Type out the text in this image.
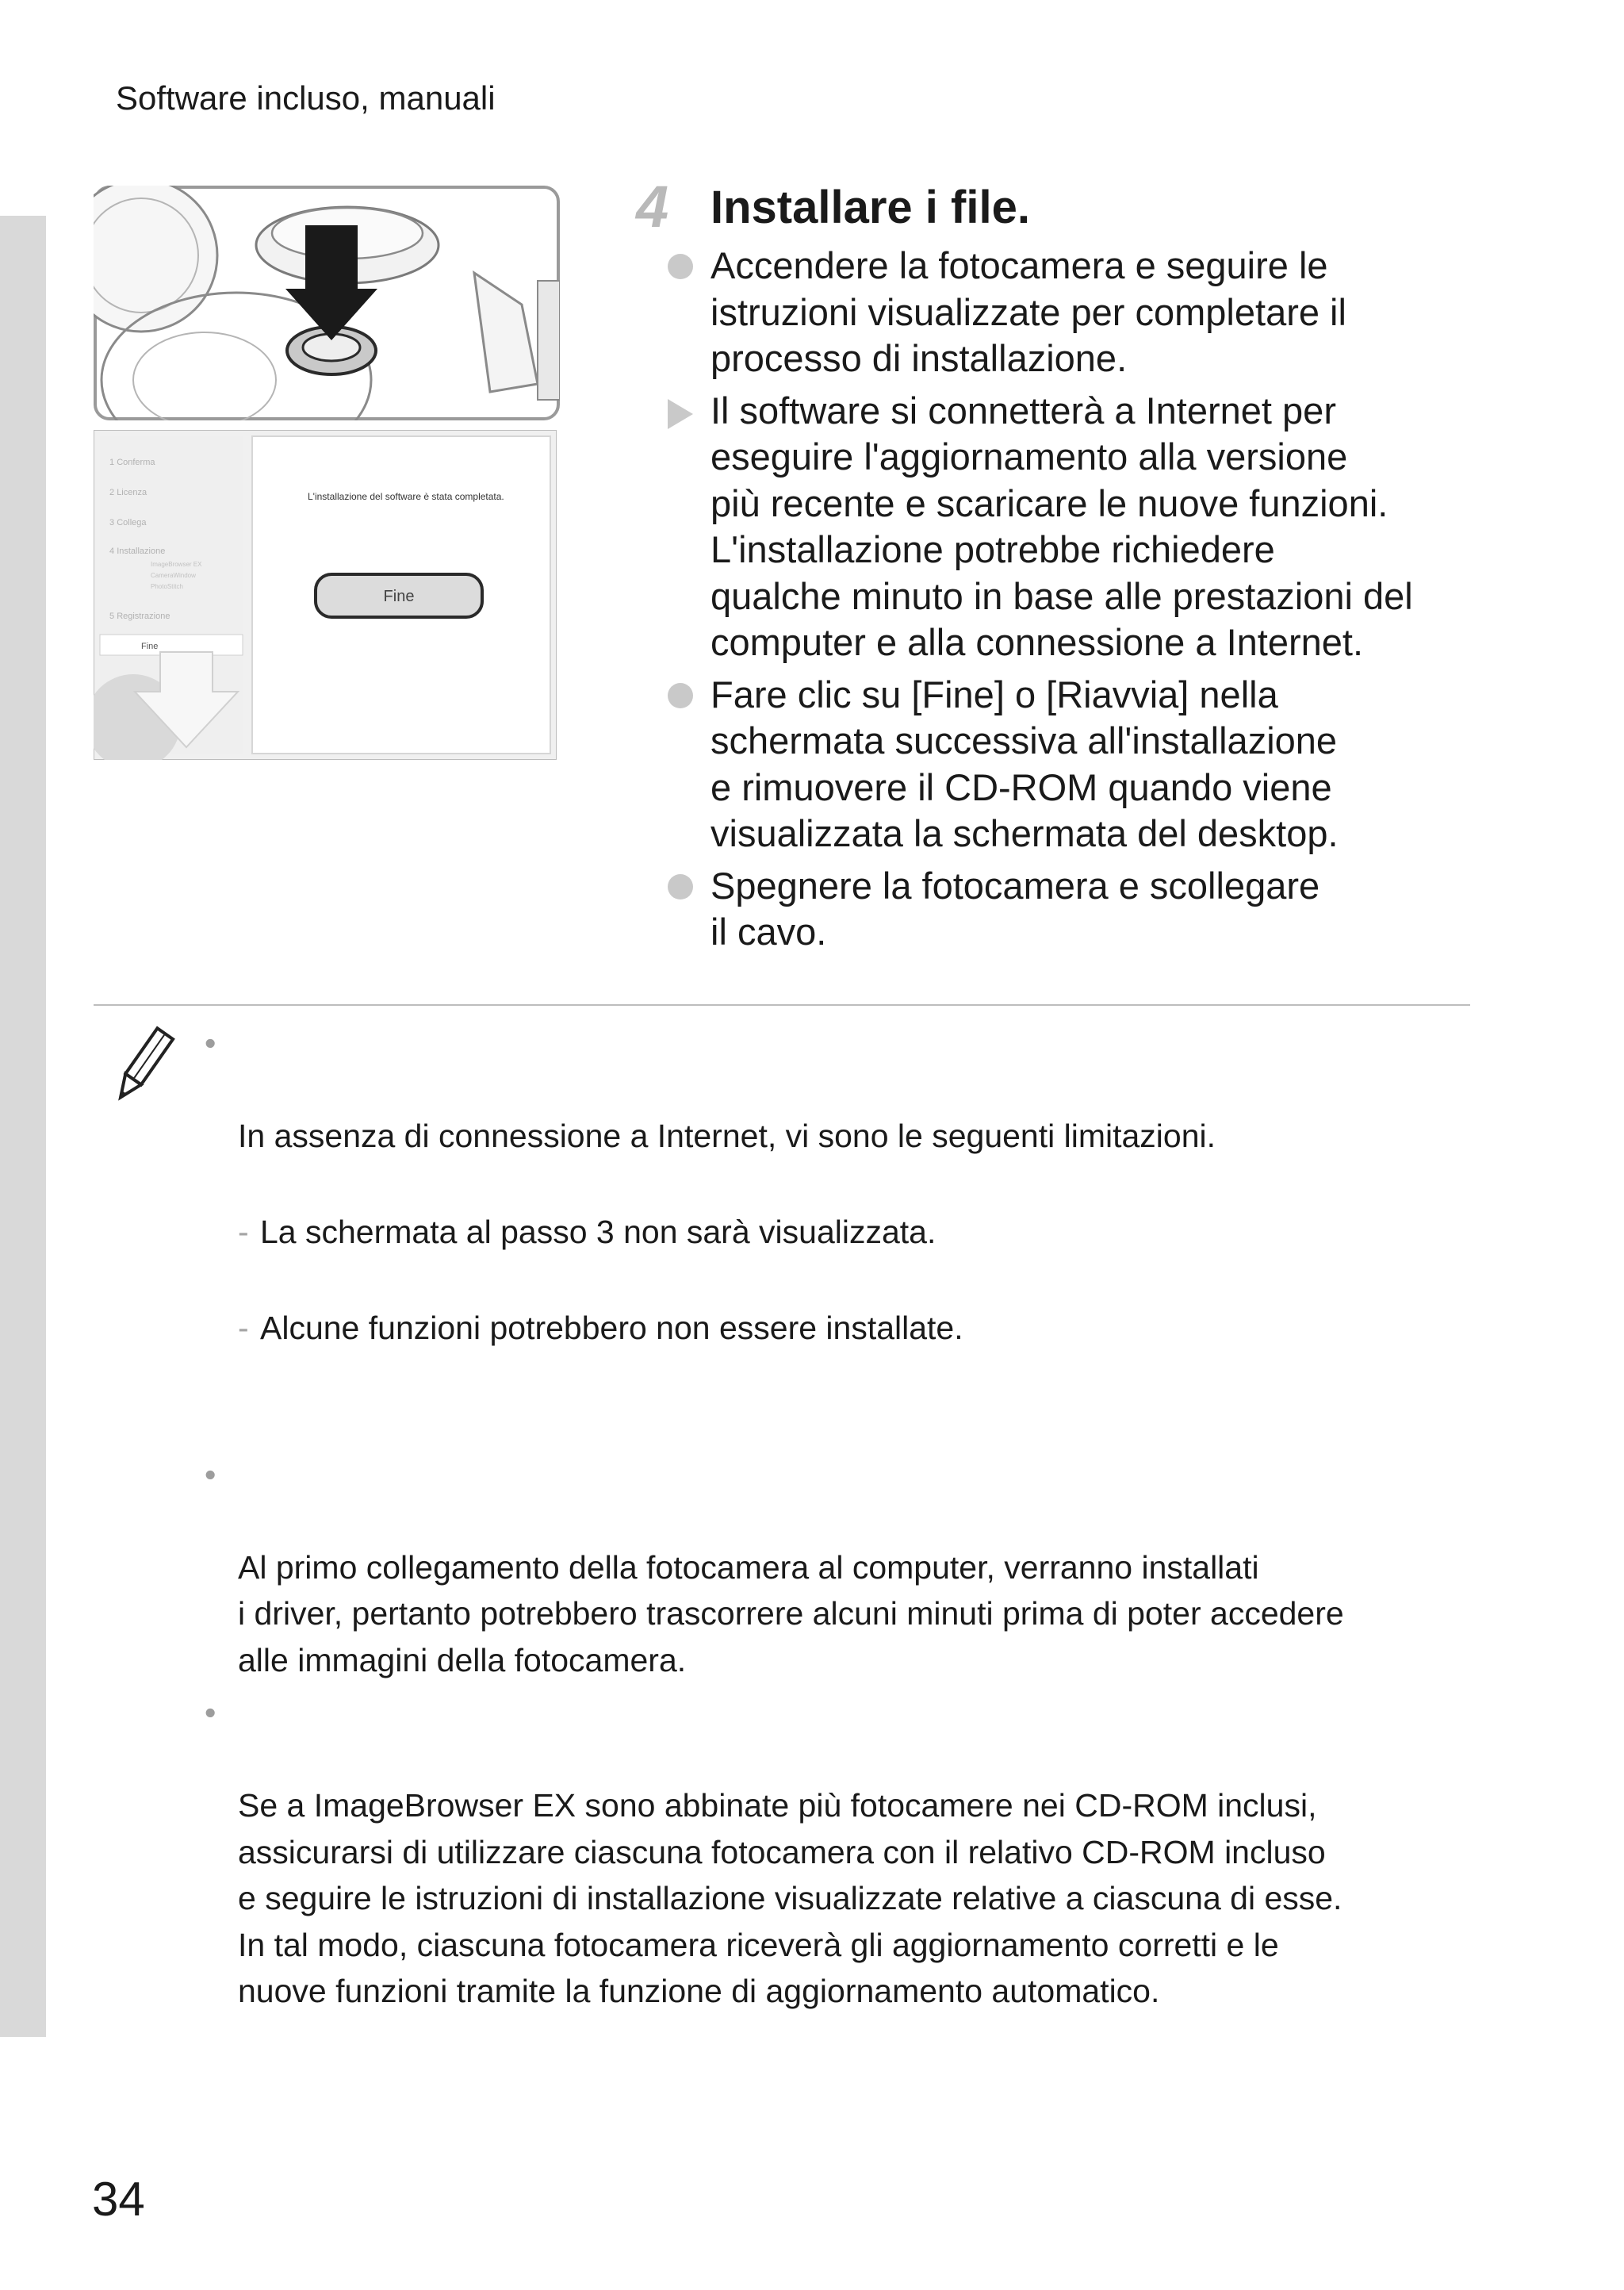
Software incluso, manuali
1 Conferma
2 Licenza
3 Collega
4 Installazione
ImageBrowser EX
CameraWindow
PhotoStitch
5 Registrazione
Fine
L'installazione del software è stata completata.
Fine
4 Installare i file.
Accendere la fotocamera e seguire le
istruzioni visualizzate per completare il
processo di installazione.
Il software si connetterà a Internet per
eseguire l'aggiornamento alla versione
più recente e scaricare le nuove funzioni.
L'installazione potrebbe richiedere
qualche minuto in base alle prestazioni del
computer e alla connessione a Internet.
Fare clic su [Fine] o [Riavvia] nella
schermata successiva all'installazione
e rimuovere il CD-ROM quando viene
visualizzata la schermata del desktop.
Spegnere la fotocamera e scollegare
il cavo.

•

In assenza di connessione a Internet, vi sono le seguenti limitazioni.

- La schermata al passo 3 non sarà visualizzata.

- Alcune funzioni potrebbero non essere installate.

•

Al primo collegamento della fotocamera al computer, verranno installati
i driver, pertanto potrebbero trascorrere alcuni minuti prima di poter accedere
alle immagini della fotocamera.

•

Se a ImageBrowser EX sono abbinate più fotocamere nei CD-ROM inclusi,
assicurarsi di utilizzare ciascuna fotocamera con il relativo CD-ROM incluso
e seguire le istruzioni di installazione visualizzate relative a ciascuna di esse.
In tal modo, ciascuna fotocamera riceverà gli aggiornamento corretti e le
nuove funzioni tramite la funzione di aggiornamento automatico.

34
